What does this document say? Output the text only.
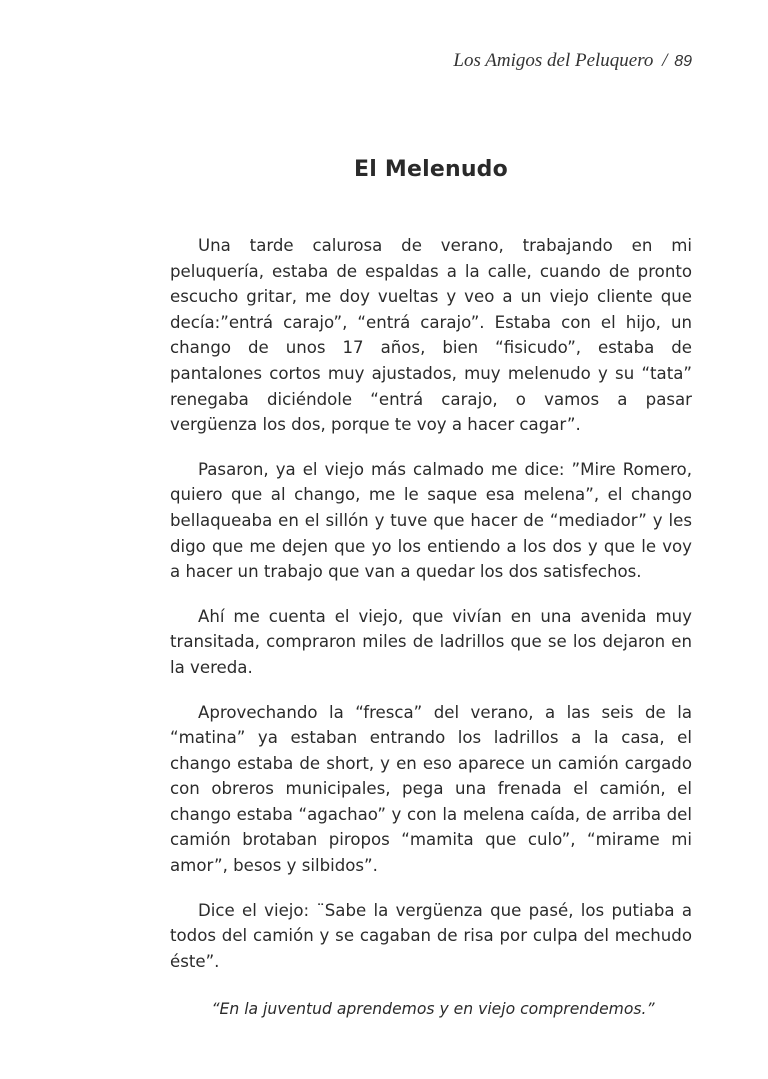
Los Amigos del Peluquero / 89
El Melenudo

Una tarde calurosa de verano, trabajando en mi peluquería, estaba de espaldas a la calle, cuando de pronto escucho gritar, me doy vueltas y veo a un viejo cliente que decía:”entrá carajo”, “entrá carajo”. Estaba con el hijo, un chango de unos 17 años, bien “fisicudo”, estaba de pantalones cortos muy ajustados, muy melenudo y su “tata” renegaba diciéndole “entrá carajo, o vamos a pasar vergüenza los dos, porque te voy a hacer cagar”.

Pasaron, ya el viejo más calmado me dice: ”Mire Romero, quiero que al chango, me le saque esa melena”, el chango bellaqueaba en el sillón y tuve que hacer de “mediador” y les digo que me dejen que yo los entiendo a los dos y que le voy a hacer un trabajo que van a quedar los dos satisfechos.

Ahí me cuenta el viejo, que vivían en una avenida muy transitada, compraron miles de ladrillos que se los dejaron en la vereda.

Aprovechando la “fresca” del verano, a las seis de la “matina” ya estaban entrando los ladrillos a la casa, el chango estaba de short, y en eso aparece un camión cargado con obreros municipales, pega una frenada el camión, el chango estaba “agachao” y con la melena caída, de arriba del camión brotaban piropos “mamita que culo”, “mirame mi amor”, besos y silbidos”.

Dice el viejo: ¨Sabe la vergüenza que pasé, los putiaba a todos del camión y se cagaban de risa por culpa del mechudo éste”.

“En la juventud aprendemos y en viejo comprendemos.”
